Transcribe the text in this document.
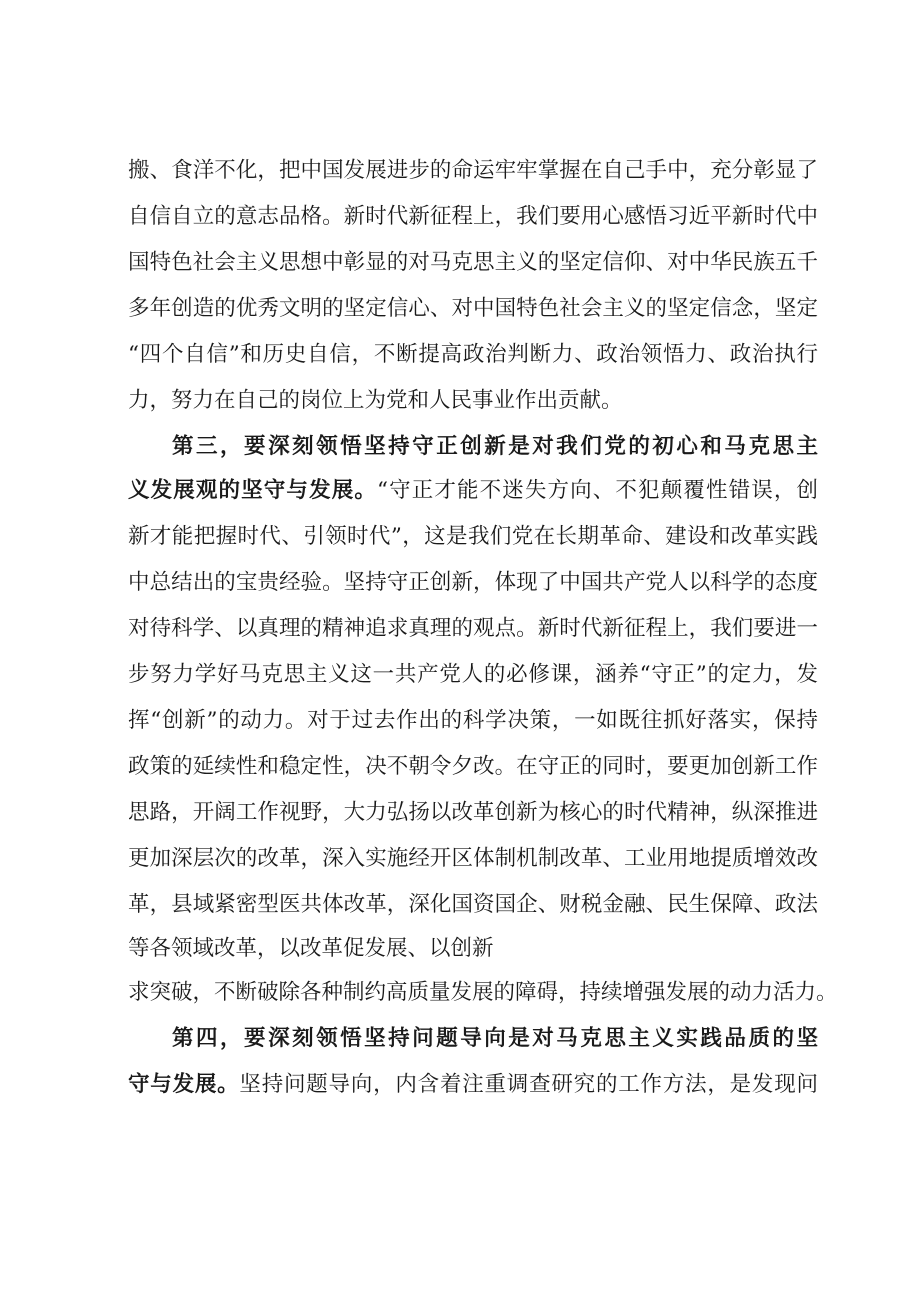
搬、食洋不化，把中国发展进步的命运牢牢掌握在自己手中，充分彰显了
自信自立的意志品格。新时代新征程上，我们要用心感悟习近平新时代中
国特色社会主义思想中彰显的对马克思主义的坚定信仰、对中华民族五千
多年创造的优秀文明的坚定信心、对中国特色社会主义的坚定信念，坚定
“四个自信”和历史自信，不断提高政治判断力、政治领悟力、政治执行
力，努力在自己的岗位上为党和人民事业作出贡献。
第三，要深刻领悟坚持守正创新是对我们党的初心和马克思主
义发展观的坚守与发展。“守正才能不迷失方向、不犯颠覆性错误，创
新才能把握时代、引领时代”，这是我们党在长期革命、建设和改革实践
中总结出的宝贵经验。坚持守正创新，体现了中国共产党人以科学的态度
对待科学、以真理的精神追求真理的观点。新时代新征程上，我们要进一
步努力学好马克思主义这一共产党人的必修课，涵养“守正”的定力，发
挥“创新”的动力。对于过去作出的科学决策，一如既往抓好落实，保持
政策的延续性和稳定性，决不朝令夕改。在守正的同时，要更加创新工作
思路，开阔工作视野，大力弘扬以改革创新为核心的时代精神，纵深推进
更加深层次的改革，深入实施经开区体制机制改革、工业用地提质增效改
革，县域紧密型医共体改革，深化国资国企、财税金融、民生保障、政法
等各领域改革，以改革促发展、以创新
求突破，不断破除各种制约高质量发展的障碍，持续增强发展的动力活力。
第四，要深刻领悟坚持问题导向是对马克思主义实践品质的坚
守与发展。坚持问题导向，内含着注重调查研究的工作方法，是发现问
